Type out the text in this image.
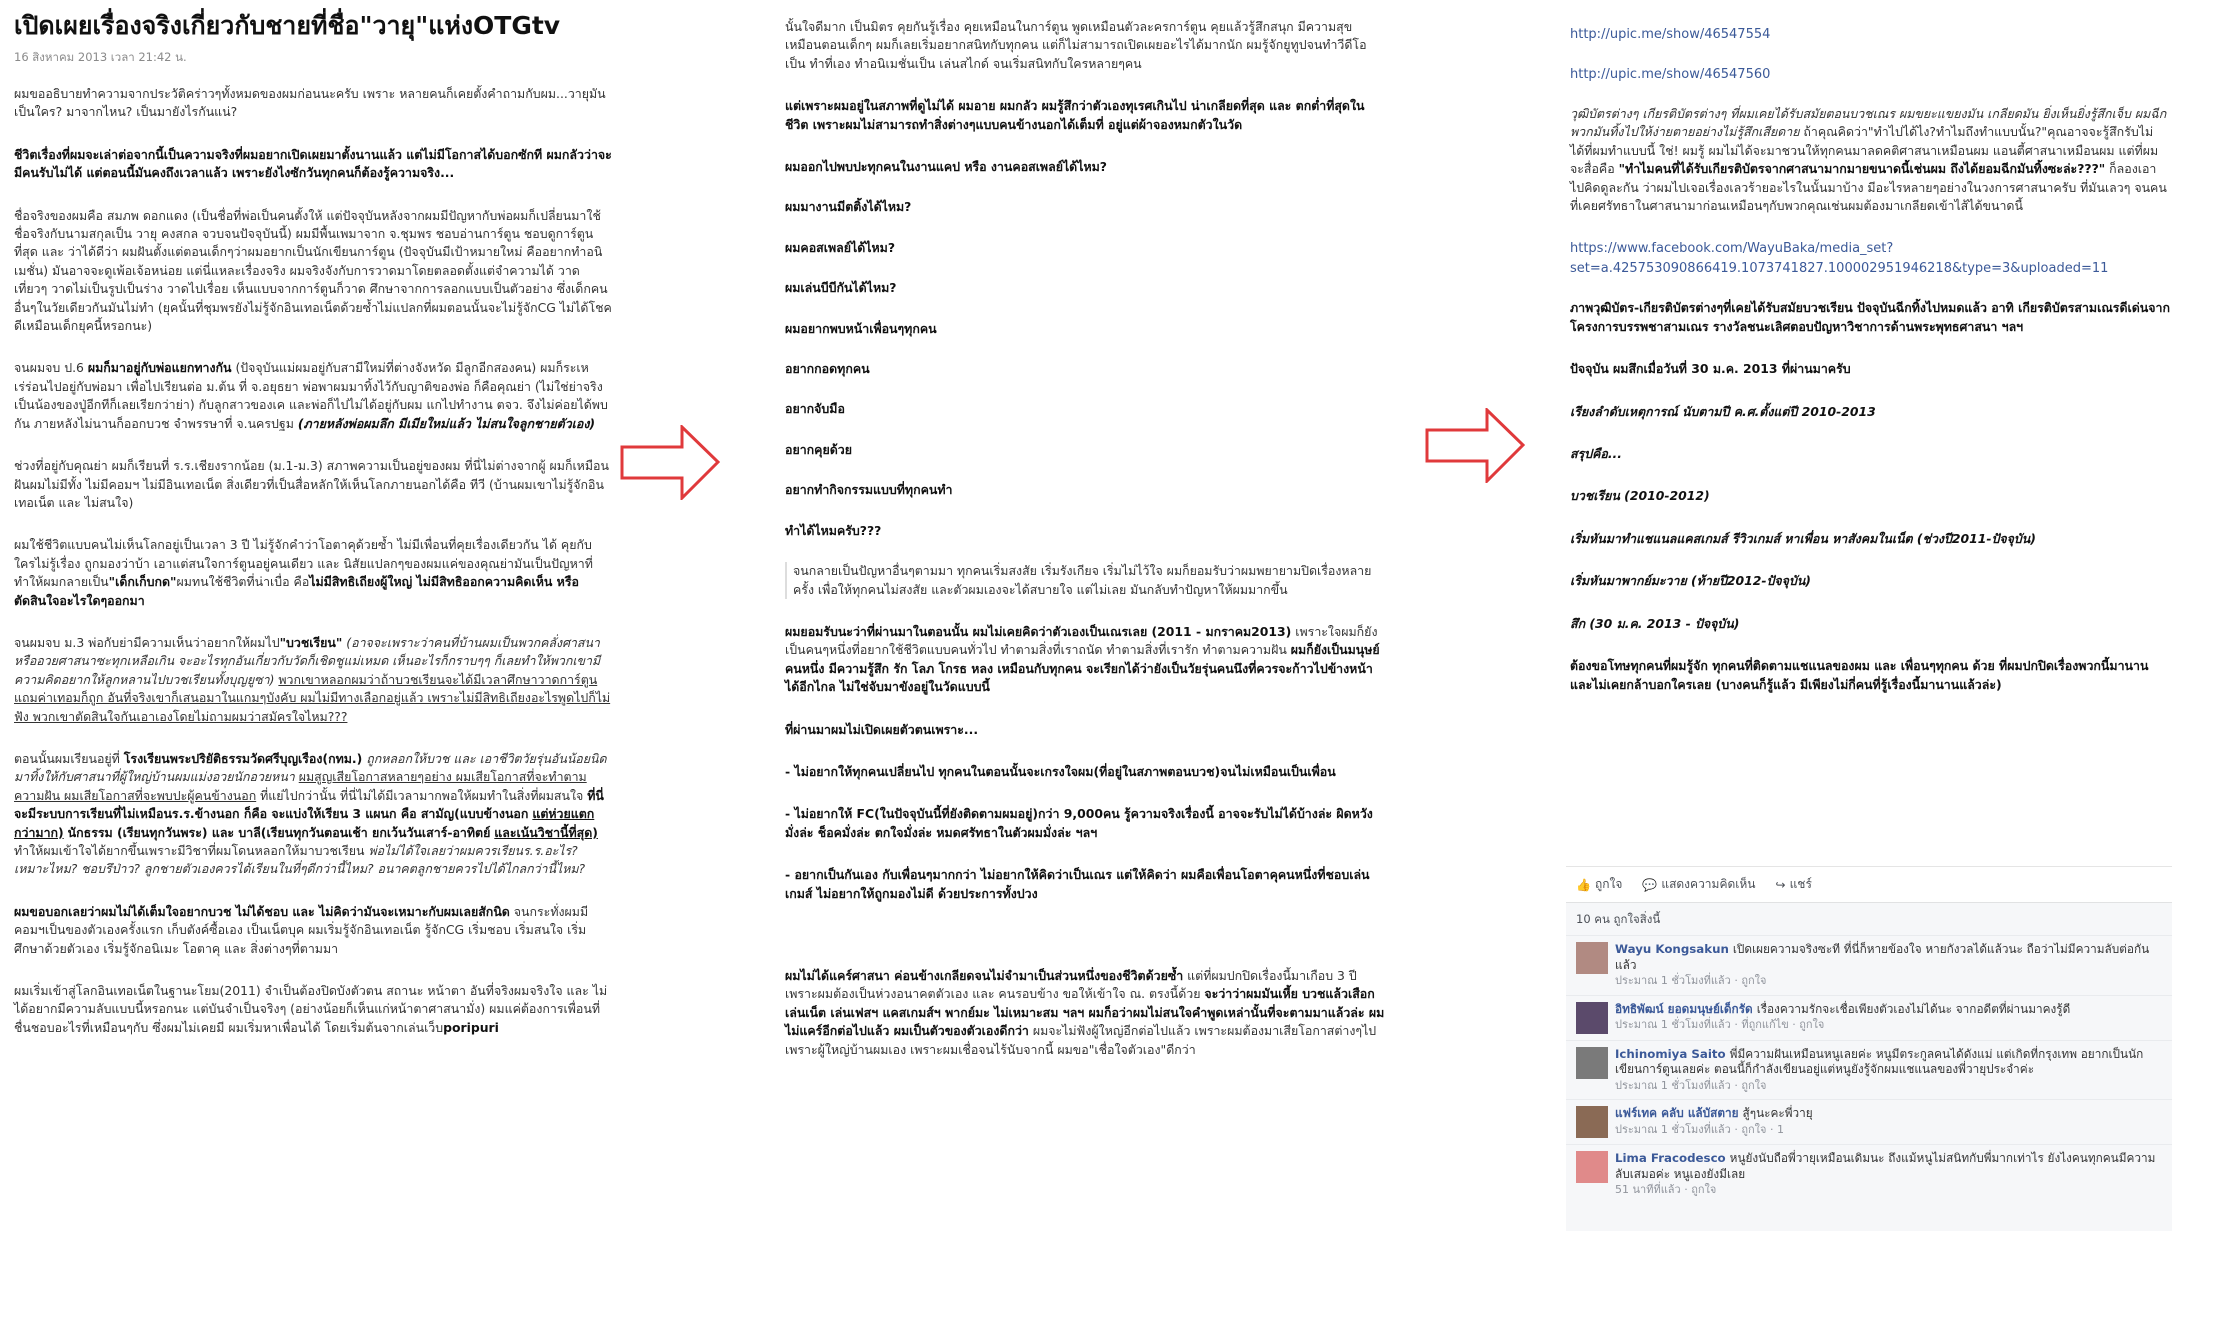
เปิดเผยเรื่องจริงเกี่ยวกับชายที่ชื่อ"วายุ"แห่งOTGtv
16 สิงหาคม 2013 เวลา 21:42 น.
ผมขออธิบายทำความจากประวัติคร่าวๆทั้งหมดของผมก่อนนะครับ เพราะ หลายคนก็เคยตั้งคำถามกับผม...วายุมันเป็นใคร? มาจากไหน? เป็นมายังไรกันแน่?
ชีวิตเรื่องที่ผมจะเล่าต่อจากนี้เป็นความจริงที่ผมอยากเปิดเผยมาตั้งนานแล้ว แต่ไม่มีโอกาสได้บอกซักที ผมกลัวว่าจะมีคนรับไม่ได้ แต่ตอนนี้มันคงถึงเวลาแล้ว เพราะยังไงซักวันทุกคนก็ต้องรู้ความจริง...
ชื่อจริงของผมคือ สมภพ ดอกแดง (เป็นชื่อที่พ่อเป็นคนตั้งให้ แต่ปัจจุบันหลังจากผมมีปัญหากับพ่อผมก็เปลี่ยนมาใช้ชื่อจริงกับนามสกุลเป็น วายุ คงสกล จวบจนปัจจุบันนี้) ผมมีพื้นเพมาจาก จ.ชุมพร ชอบอ่านการ์ตูน ชอบดูการ์ตูนที่สุด และ ว่าได้ดีว่า ผมฝันตั้งแต่ตอนเด็กๆว่าผมอยากเป็นนักเขียนการ์ตูน (ปัจจุบันมีเป้าหมายใหม่ คืออยากทำอนิเมชั่น) มันอาจจะดูเพ้อเจ้อหน่อย แต่นี่แหละเรื่องจริง ผมจริงจังกับการวาดมาโดยตลอดตั้งแต่จำความได้ วาดเที่ยวๆ วาดไม่เป็นรูปเป็นร่าง วาดไปเรื่อย เห็นแบบจากการ์ตูนก็วาด ศึกษาจากการลอกแบบเป็นตัวอย่าง ซึ่งเด็กคนอื่นๆในวัยเดียวกันมันไม่ทำ (ยุคนั้นที่ชุมพรยังไม่รู้จักอินเทอเน็ตด้วยซ้ำไม่แปลกที่ผมตอนนั้นจะไม่รู้จักCG ไม่ได้โชคดีเหมือนเด็กยุคนี้หรอกนะ)
จนผมจบ ป.6 ผมก็มาอยู่กับพ่อแยกทางกัน (ปัจจุบันแม่ผมอยู่กับสามีใหม่ที่ต่างจังหวัด มีลูกอีกสองคน) ผมก็ระเหเร่ร่อนไปอยู่กับพ่อมา เพื่อไปเรียนต่อ ม.ต้น ที่ จ.อยุธยา พ่อพาผมมาทิ้งไว้กับญาติของพ่อ ก็คือคุณย่า (ไม่ใช่ย่าจริง เป็นน้องของปู่อีกทีก็เลยเรียกว่าย่า) กับลูกสาวของเค และพ่อก็ไปไม่ได้อยู่กับผม แกไปทำงาน ตจว. จึงไม่ค่อยได้พบกัน ภายหลังไม่นานก็ออกบวช จำพรรษาที่ จ.นครปฐม (ภายหลังพ่อผมลึก มีเมียใหม่แล้ว ไม่สนใจลูกชายตัวเอง)
ช่วงที่อยู่กับคุณย่า ผมก็เรียนที่ ร.ร.เชียงรากน้อย (ม.1-ม.3) สภาพความเป็นอยู่ของผม ที่นี่ไม่ต่างจากผู้ ผมก็เหมือนฝันผมไม่มีทั้ง ไม่มีคอมฯ ไม่มีอินเทอเน็ต สิ่งเดียวที่เป็นสื่อหลักให้เห็นโลกภายนอกได้คือ ทีวี (บ้านผมเขาไม่รู้จักอินเทอเน็ต และ ไม่สนใจ)
ผมใช้ชีวิตแบบคนไม่เห็นโลกอยู่เป็นเวลา 3 ปี ไม่รู้จักคำว่าโอตาคุด้วยซ้ำ ไม่มีเพื่อนที่คุยเรื่องเดียวกัน ได้ คุยกับใครไม่รู้เรื่อง ถูกมองว่าบ้า เอาแต่สนใจการ์ตูนอยู่คนเดียว และ นิสัยแปลกๆของผมแค่ของคุณย่ามันเป็นปัญหาที่ทำให้ผมกลายเป็น"เด็กเก็บกด"ผมทนใช้ชีวิตที่น่าเบื่อ คือไม่มีสิทธิเถียงผู้ใหญ่ ไม่มีสิทธิออกความคิดเห็น หรือ ตัดสินใจอะไรใดๆออกมา
จนผมจบ ม.3 พ่อกับย่ามีความเห็นว่าอยากให้ผมไป"บวชเรียน" (อาจจะเพราะว่าคนที่บ้านผมเป็นพวกคลั่งศาสนาหรืออวยศาสนาซะทุกเหลือเกิน จะอะไรทุกอันเกี่ยวกับวัดก็เชิดชูแม่เหมด เห็นอะไรก็กราบๆๆ ก็เลยทำให้พวกเขามีความคิดอยากให้ลูกหลานไปบวชเรียนทั้งบุญยูซา) พวกเขาหลอกผมว่าถ้าบวชเรียนจะได้มีเวลาศึกษาวาดการ์ตูน แถมค่าเทอมก็ถูก อันที่จริงเขาก็เสนอมาในแกมๆบังคับ ผมไม่มีทางเลือกอยู่แล้ว เพราะไม่มีสิทธิเถียงอะไรพูดไปก็ไม่ฟัง พวกเขาตัดสินใจกันเอาเองโดยไม่ถามผมว่าสมัครใจไหม???
ตอนนั้นผมเรียนอยู่ที่ โรงเรียนพระปริยัติธรรมวัดศรีบุญเรือง(กทม.) ถูกหลอกให้บวช และ เอาชีวิตวัยรุ่นอันน้อยนิดมาทิ้งให้กับศาสนาที่ผู้ใหญ่บ้านผมแม่งอวยนักอวยหนา ผมสูญเสียโอกาสหลายๆอย่าง ผมเสียโอกาสที่จะทำตามความฝัน ผมเสียโอกาสที่จะพบปะผู้คนข้างนอก ที่แย่ไปกว่านั้น ที่นี่ไม่ได้มีเวลามากพอให้ผมทำในสิ่งที่ผมสนใจ ที่นี่จะมีระบบการเรียนที่ไม่เหมือนร.ร.ข้างนอก ก็คือ จะแบ่งให้เรียน 3 แผนก คือ สามัญ(แบบข้างนอก แต่ห่วยแตกกว่ามาก) นักธรรม (เรียนทุกวันพระ) และ บาลี(เรียนทุกวันตอนเช้า ยกเว้นวันเสาร์-อาทิตย์ และเน้นวิชานี้ที่สุด) ทำให้ผมเข้าใจได้ยากขึ้นเพราะมีวิชาที่ผมโดนหลอกให้มาบวชเรียน พ่อไม่ได้ใจเลยว่าผมควรเรียนร.ร.อะไร? เหมาะไหม? ชอบรึป่าว? ลูกชายตัวเองควรได้เรียนในที่ๆดีกว่านี้ไหม? อนาคตลูกชายควรไปได้ไกลกว่านี้ไหม?
ผมขอบอกเลยว่าผมไม่ได้เต็มใจอยากบวช ไม่ได้ชอบ และ ไม่คิดว่ามันจะเหมาะกับผมเลยสักนิด จนกระทั่งผมมีคอมฯเป็นของตัวเองครั้งแรก เก็บตังค์ซื้อเอง เป็นเน็ตบุค ผมเริ่มรู้จักอินเทอเน็ต รู้จักCG เริ่มชอบ เริ่มสนใจ เริ่มศึกษาด้วยตัวเอง เริ่มรู้จักอนิเมะ โอตาคุ และ สิ่งต่างๆที่ตามมา
ผมเริ่มเข้าสู่โลกอินเทอเน็ตในฐานะโยม(2011) จำเป็นต้องปิดบังตัวตน สถานะ หน้าตา อันที่จริงผมจริงใจ และ ไม่ได้อยากมีความลับแบบนี้หรอกนะ แต่บันจำเป็นจริงๆ (อย่างน้อยก็เห็นแก่หน้าตาศาสนามั่ง) ผมแค่ต้องการเพื่อนที่ชื่นชอบอะไรที่เหมือนๆกับ ซึ่งผมไม่เคยมี ผมเริ่มหาเพื่อนได้ โดยเริ่มต้นจากเล่นเว็บporipuri
นั้นใจดีมาก เป็นมิตร คุยกันรู้เรื่อง คุยเหมือนในการ์ตูน พูดเหมือนตัวละครการ์ตูน คุยแล้วรู้สึกสนุก มีความสุข เหมือนตอนเด็กๆ ผมก็เลยเริ่มอยากสนิทกับทุกคน แต่ก็ไม่สามารถเปิดเผยอะไรได้มากนัก ผมรู้จักยูทูปจนทำวีดีโอเป็น ทำที่เอง ทำอนิเมชั่นเป็น เล่นสไกด์ จนเริ่มสนิทกับใครหลายๆคน
แต่เพราะผมอยู่ในสภาพที่ดูไม่ได้ ผมอาย ผมกลัว ผมรู้สึกว่าตัวเองทุเรศเกินไป น่าเกลียดที่สุด และ ตกต่ำที่สุดในชีวิต เพราะผมไม่สามารถทำสิ่งต่างๆแบบคนข้างนอกได้เต็มที่ อยู่แต่ผ้าจองหมกตัวในวัด
ผมออกไปพบปะทุกคนในงานแคป หรือ งานคอสเพลย์ได้ไหม?
ผมมางานมีตติ้งได้ไหม?
ผมคอสเพลย์ได้ไหม?
ผมเล่นบีบีกันได้ไหม?
ผมอยากพบหน้าเพื่อนๆทุกคน
อยากกอดทุกคน
อยากจับมือ
อยากคุยด้วย
อยากทำกิจกรรมแบบที่ทุกคนทำ
ทำได้ไหมครับ???
จนกลายเป็นปัญหาอื่นๆตามมา ทุกคนเริ่มสงสัย เริ่มรังเกียจ เริ่มไม่ไว้ใจ ผมก็ยอมรับว่าผมพยายามปิดเรื่องหลายครั้ง เพื่อให้ทุกคนไม่สงสัย และตัวผมเองจะได้สบายใจ แต่ไม่เลย มันกลับทำปัญหาให้ผมมากขึ้น
ผมยอมรับนะว่าที่ผ่านมาในตอนนั้น ผมไม่เคยคิดว่าตัวเองเป็นเณรเลย (2011 - มกราคม2013) เพราะใจผมก็ยังเป็นคนๆหนึ่งที่อยากใช้ชีวิตแบบคนทั่วไป ทำตามสิ่งที่เราถนัด ทำตามสิ่งที่เรารัก ทำตามความฝัน ผมก็ยังเป็นมนุษย์คนหนึ่ง มีความรู้สึก รัก โลภ โกรธ หลง เหมือนกับทุกคน จะเรียกได้ว่ายังเป็นวัยรุ่นคนนึงที่ควรจะก้าวไปข้างหน้าได้อีกไกล ไม่ใช่จับมาขังอยู่ในวัดแบบนี้
ที่ผ่านมาผมไม่เปิดเผยตัวตนเพราะ...
- ไม่อยากให้ทุกคนเปลี่ยนไป ทุกคนในตอนนั้นจะเกรงใจผม(ที่อยู่ในสภาพตอนบวช)จนไม่เหมือนเป็นเพื่อน
- ไม่อยากให้ FC(ในปัจจุบันนี้ที่ยังติดตามผมอยู่)กว่า 9,000คน รู้ความจริงเรื่องนี้ อาจจะรับไม่ได้บ้างล่ะ ผิดหวังมั่งล่ะ ช็อคมั่งล่ะ ตกใจมั่งล่ะ หมดศรัทธาในตัวผมมั่งล่ะ ฯลฯ
- อยากเป็นกันเอง กับเพื่อนๆมากกว่า ไม่อยากให้คิดว่าเป็นเณร แต่ให้คิดว่า ผมคือเพื่อนโอตาคุคนหนึ่งที่ชอบเล่นเกมส์ ไม่อยากให้ถูกมองไม่ดี ด้วยประการทั้งปวง
ผมไม่ได้แคร์ศาสนา ค่อนข้างเกลียดจนไม่จำมาเป็นส่วนหนึ่งของชีวิตด้วยซ้ำ แต่ที่ผมปกปิดเรื่องนี้มาเกือบ 3 ปี เพราะผมต้องเป็นห่วงอนาคตตัวเอง และ คนรอบข้าง ขอให้เข้าใจ ณ. ตรงนี้ด้วย จะว่าว่าผมมันเหี้ย บวชแล้วเสือกเล่นเน็ต เล่นเฟสฯ แคสเกมส์ฯ พากย์มะ ไม่เหมาะสม ฯลฯ ผมก็อว่าผมไม่สนใจคำพูดเหล่านั้นที่จะตามมาแล้วล่ะ ผมไม่แคร์อีกต่อไปแล้ว ผมเป็นตัวของตัวเองดีกว่า ผมจะไม่ฟังผู้ใหญ่อีกต่อไปแล้ว เพราะผมต้องมาเสียโอกาสต่างๆไป เพราะผู้ใหญ่บ้านผมเอง เพราะผมเชื่อจนไร้นับจากนี้ ผมขอ"เชื่อใจตัวเอง"ดีกว่า
http://upic.me/show/46547554
http://upic.me/show/46547560
วุฒิบัตรต่างๆ เกียรติบัตรต่างๆ ที่ผมเคยได้รับสมัยตอนบวชเณร ผมขยะแขยงมัน เกลียดมัน ยิ่งเห็นยิ่งรู้สึกเจ็บ ผมฉีกพวกมันทิ้งไปให้ง่ายตายอย่างไม่รู้สึกเสียดาย ถ้าคุณคิดว่า"ทำไปได้ไง?ทำไมถึงทำแบบนั้น?"คุณอาจจะรู้สึกรับไม่ได้ที่ผมทำแบบนี้ ใช่! ผมรู้ ผมไม่ได้จะมาชวนให้ทุกคนมาลดคติศาสนาเหมือนผม แอนตี้ศาสนาเหมือนผม แต่ที่ผมจะสื่อคือ "ทำไมคนที่ได้รับเกียรติบัตรจากศาสนามากมายขนาดนี้เช่นผม ถึงได้ยอมฉีกมันทิ้งซะล่ะ???" ก็ลองเอาไปคิดดูละกัน ว่าผมไปเจอเรื่องเลวร้ายอะไรในนั้นมาบ้าง มีอะไรหลายๆอย่างในวงการศาสนาครับ ที่มันเลวๆ จนคนที่เคยศรัทธาในศาสนามาก่อนเหมือนๆกับพวกคุณเช่นผมต้องมาเกลียดเข้าไส้ได้ขนาดนี้
https://www.facebook.com/WayuBaka/media_set?set=a.425753090866419.1073741827.100002951946218&type=3&uploaded=11
ภาพวุฒิบัตร-เกียรติบัตรต่างๆที่เคยได้รับสมัยบวชเรียน ปัจจุบันฉีกทิ้งไปหมดแล้ว อาทิ เกียรติบัตรสามเณรดีเด่นจากโครงการบรรพชาสามเณร รางวัลชนะเลิศตอบปัญหาวิชาการด้านพระพุทธศาสนา ฯลฯ
ปัจจุบัน ผมสึกเมื่อวันที่ 30 ม.ค. 2013 ที่ผ่านมาครับ
เรียงลำดับเหตุการณ์ นับตามปี ค.ศ.ตั้งแต่ปี 2010-2013
สรุปคือ...
บวชเรียน (2010-2012)
เริ่มหันมาทำแชแนลแคสเกมส์ รีวิวเกมส์ หาเพื่อน หาสังคมในเน็ต (ช่วงปี2011-ปัจจุบัน)
เริ่มหันมาพากย์มะวาย (ท้ายปี2012-ปัจจุบัน)
สึก (30 ม.ค. 2013 - ปัจจุบัน)
ต้องขอโทษทุกคนที่ผมรู้จัก ทุกคนที่ติดตามแชแนลของผม และ เพื่อนๆทุกคน ด้วย ที่ผมปกปิดเรื่องพวกนี้มานาน และไม่เคยกล้าบอกใครเลย (บางคนก็รู้แล้ว มีเพียงไม่กี่คนที่รู้เรื่องนี้มานานแล้วล่ะ)
👍 ถูกใจ 💬 แสดงความคิดเห็น ↪ แชร์
10 คน ถูกใจสิ่งนี้
Wayu Kongsakun เปิดเผยความจริงซะที ที่นี่ก็หายข้องใจ หายกังวลได้แล้วนะ ถือว่าไม่มีความลับต่อกันแล้ว
ประมาณ 1 ชั่วโมงที่แล้ว · ถูกใจ
อิทธิพัฒน์ ยอดมนุษย์เด็กรัด เรื่องความรักจะเชื่อเพียงตัวเองไม่ได้นะ จากอดีตที่ผ่านมาคงรู้ดี
ประมาณ 1 ชั่วโมงที่แล้ว · ที่ถูกแก้ไข · ถูกใจ
Ichinomiya Saito พี่มีความฝันเหมือนหนูเลยค่ะ หนูมีตระกูลคนได้ดังแม่ แต่เกิดที่กรุงเทพ อยากเป็นนักเขียนการ์ตูนเลยค่ะ ตอนนี้ก็กำลังเขียนอยู่แต่หนูยังรู้จักผมแชแนลของพี่วายุประจำค่ะ
ประมาณ 1 ชั่วโมงที่แล้ว · ถูกใจ
แฟร์เทค คลับ แล้บัสตาย สู้ๆนะคะพี่วายุ
ประมาณ 1 ชั่วโมงที่แล้ว · ถูกใจ · 1
Lima Fracodesco หนูยังนับถือพี่วายุเหมือนเดิมนะ ถึงแม้หนูไม่สนิทกับพี่มากเท่าไร ยังไงคนทุกคนมีความลับเสมอค่ะ หนูเองยังมีเลย
51 นาทีที่แล้ว · ถูกใจ
